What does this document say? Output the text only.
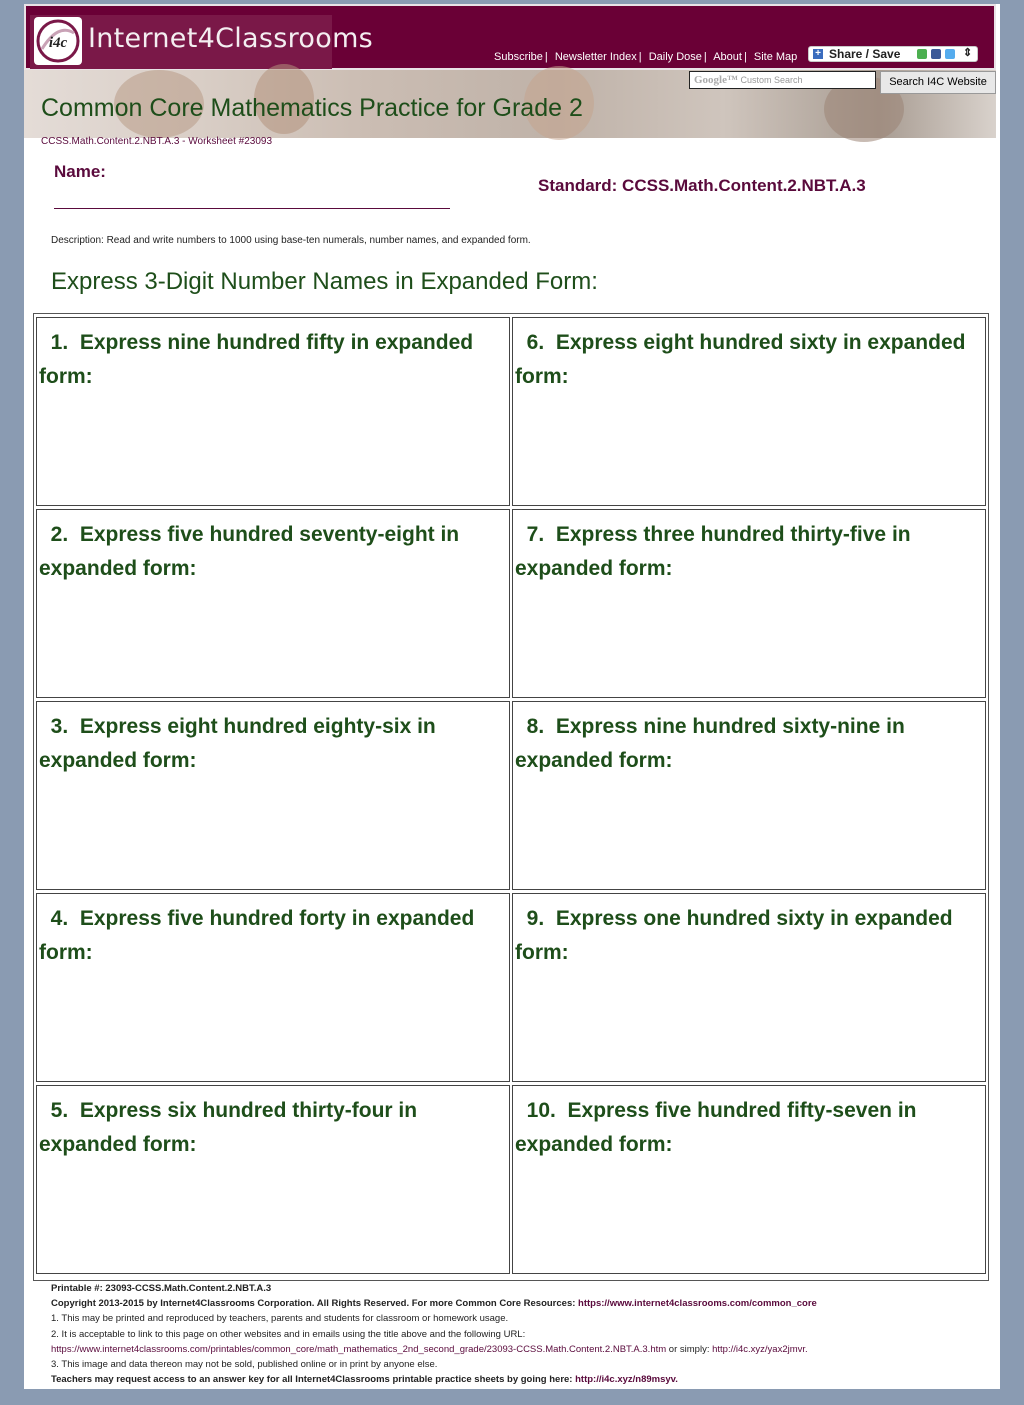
i4c Internet4Classrooms
Subscribe | Newsletter Index | Daily Dose | About | Site Map + Share / Save	⇕
Google™ Custom Search	Search I4C Website
Common Core Mathematics Practice for Grade 2
CCSS.Math.Content.2.NBT.A.3 - Worksheet #23093
Name:
Standard: CCSS.Math.Content.2.NBT.A.3
Description: Read and write numbers to 1000 using base-ten numerals, number names, and expanded form.
Express 3-Digit Number Names in Expanded Form:
1. Express nine hundred fifty in expanded form:
2. Express five hundred seventy-eight in expanded form:
3. Express eight hundred eighty-six in expanded form:
4. Express five hundred forty in expanded form:
5. Express six hundred thirty-four in expanded form:
6. Express eight hundred sixty in expanded form:
7. Express three hundred thirty-five in expanded form:
8. Express nine hundred sixty-nine in expanded form:
9. Express one hundred sixty in expanded form:
10. Express five hundred fifty-seven in expanded form:
Printable #: 23093-CCSS.Math.Content.2.NBT.A.3
Copyright 2013-2015 by Internet4Classrooms Corporation. All Rights Reserved. For more Common Core Resources: https://www.internet4classrooms.com/common_core
1. This may be printed and reproduced by teachers, parents and students for classroom or homework usage.
2. It is acceptable to link to this page on other websites and in emails using the title above and the following URL:
https://www.internet4classrooms.com/printables/common_core/math_mathematics_2nd_second_grade/23093-CCSS.Math.Content.2.NBT.A.3.htm or simply: http://i4c.xyz/yax2jmvr.
3. This image and data thereon may not be sold, published online or in print by anyone else.
Teachers may request access to an answer key for all Internet4Classrooms printable practice sheets by going here: http://i4c.xyz/n89msyv.
